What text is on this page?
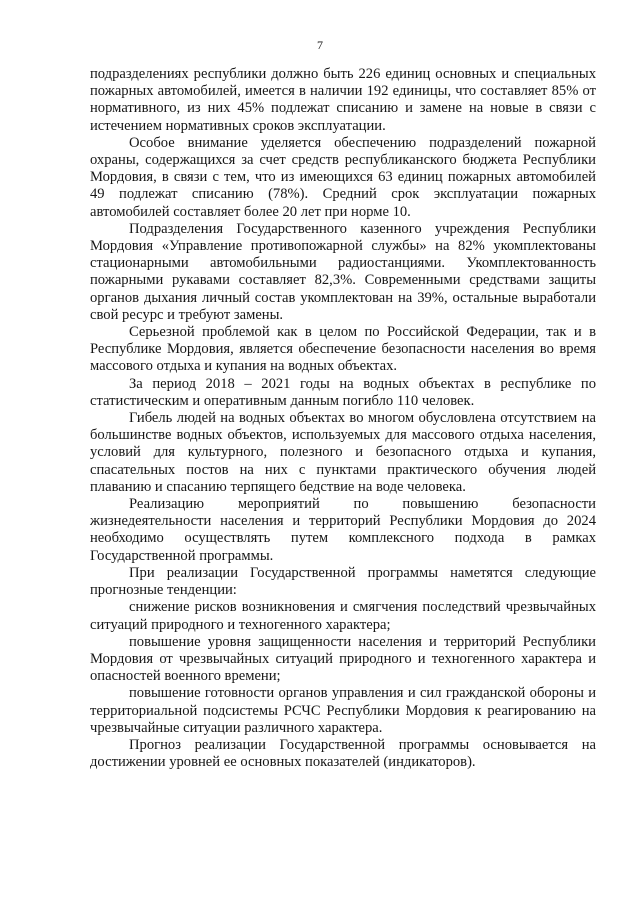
7

подразделениях республики должно быть 226 единиц основных и специальных пожарных автомобилей, имеется в наличии 192 единицы, что составляет 85% от нормативного, из них 45% подлежат списанию и замене на новые в связи с истечением нормативных сроков эксплуатации.

Особое внимание уделяется обеспечению подразделений пожарной охраны, содержащихся за счет средств республиканского бюджета Республики Мордовия, в связи с тем, что из имеющихся 63 единиц пожарных автомобилей 49 подлежат списанию (78%). Средний срок эксплуатации пожарных автомобилей составляет более 20 лет при норме 10.

Подразделения Государственного казенного учреждения Республики Мордовия «Управление противопожарной службы» на 82% укомплектованы стационарными автомобильными радиостанциями. Укомплектованность пожарными рукавами составляет 82,3%. Современными средствами защиты органов дыхания личный состав укомплектован на 39%, остальные выработали свой ресурс и требуют замены.

Серьезной проблемой как в целом по Российской Федерации, так и в Республике Мордовия, является обеспечение безопасности населения во время массового отдыха и купания на водных объектах.

За период 2018 – 2021 годы на водных объектах в республике по статистическим и оперативным данным погибло 110 человек.

Гибель людей на водных объектах во многом обусловлена отсутствием на большинстве водных объектов, используемых для массового отдыха населения, условий для культурного, полезного и безопасного отдыха и купания, спасательных постов на них с пунктами практического обучения людей плаванию и спасанию терпящего бедствие на воде человека.

Реализацию мероприятий по повышению безопасности жизнедеятельности населения и территорий Республики Мордовия до 2024 необходимо осуществлять путем комплексного подхода в рамках Государственной программы.

При реализации Государственной программы наметятся следующие прогнозные тенденции:

снижение рисков возникновения и смягчения последствий чрезвычайных ситуаций природного и техногенного характера;

повышение уровня защищенности населения и территорий Республики Мордовия от чрезвычайных ситуаций природного и техногенного характера и опасностей военного времени;

повышение готовности органов управления и сил гражданской обороны и территориальной подсистемы РСЧС Республики Мордовия к реагированию на чрезвычайные ситуации различного характера.

Прогноз реализации Государственной программы основывается на достижении уровней ее основных показателей (индикаторов).
